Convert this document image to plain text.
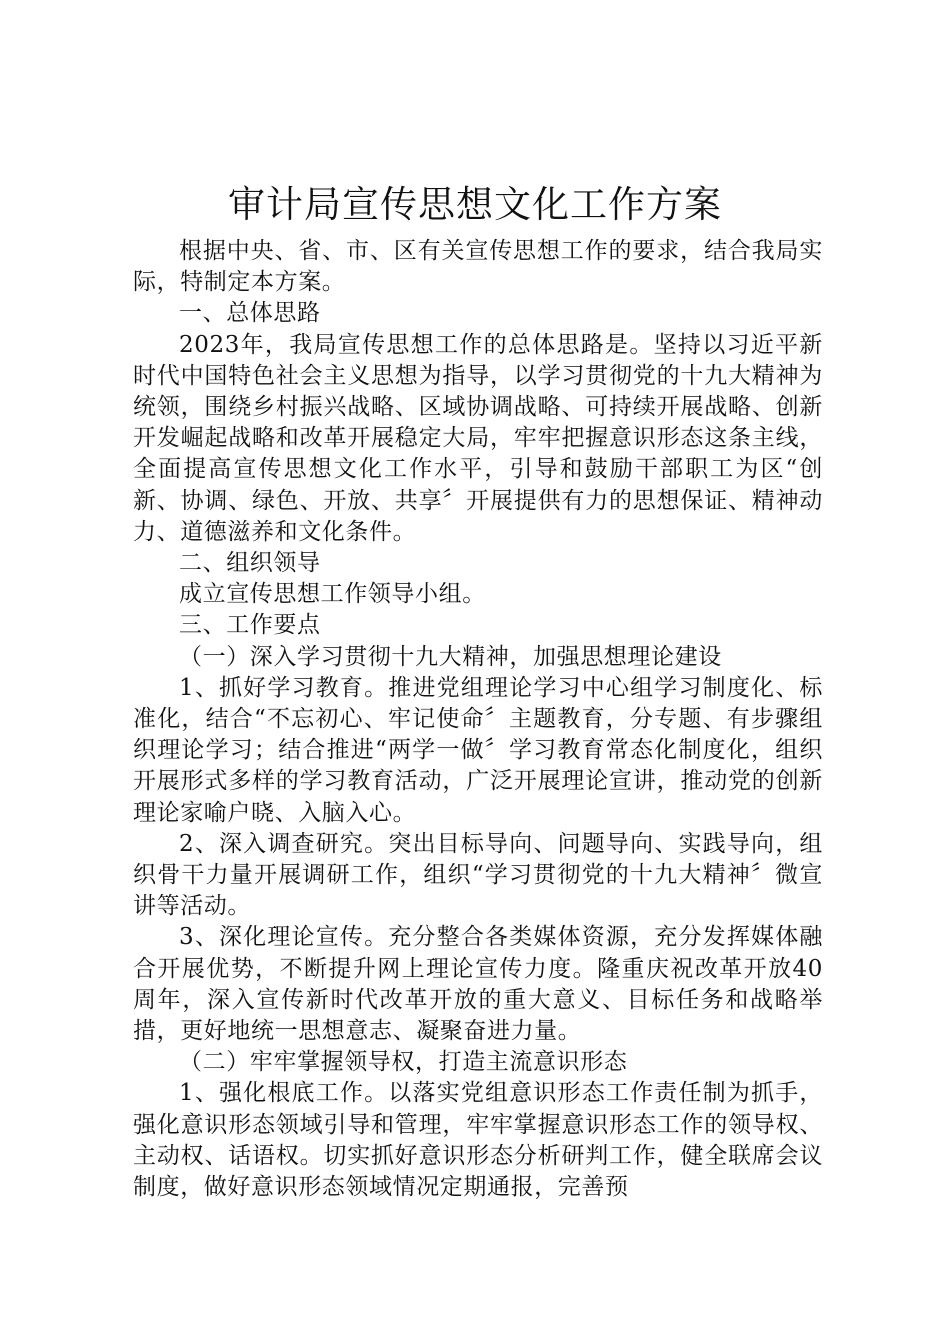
审计局宣传思想文化工作方案

根据中央、省、市、区有关宣传思想工作的要求，结合我局实际，特制定本方案。

一、总体思路

2023年，我局宣传思想工作的总体思路是。坚持以习近平新时代中国特色社会主义思想为指导，以学习贯彻党的十九大精神为统领，围绕乡村振兴战略、区域协调战略、可持续开展战略、创新开发崛起战略和改革开展稳定大局，牢牢把握意识形态这条主线，全面提高宣传思想文化工作水平，引导和鼓励干部职工为区“创新、协调、绿色、开放、共享〞开展提供有力的思想保证、精神动力、道德滋养和文化条件。

二、组织领导

成立宣传思想工作领导小组。

三、工作要点

（一）深入学习贯彻十九大精神，加强思想理论建设

1、抓好学习教育。推进党组理论学习中心组学习制度化、标准化，结合“不忘初心、牢记使命〞主题教育，分专题、有步骤组织理论学习；结合推进“两学一做〞学习教育常态化制度化，组织开展形式多样的学习教育活动，广泛开展理论宣讲，推动党的创新理论家喻户晓、入脑入心。

2、深入调查研究。突出目标导向、问题导向、实践导向，组织骨干力量开展调研工作，组织“学习贯彻党的十九大精神〞微宣讲等活动。

3、深化理论宣传。充分整合各类媒体资源，充分发挥媒体融合开展优势，不断提升网上理论宣传力度。隆重庆祝改革开放40周年，深入宣传新时代改革开放的重大意义、目标任务和战略举措，更好地统一思想意志、凝聚奋进力量。

（二）牢牢掌握领导权，打造主流意识形态

1、强化根底工作。以落实党组意识形态工作责任制为抓手，强化意识形态领域引导和管理，牢牢掌握意识形态工作的领导权、主动权、话语权。切实抓好意识形态分析研判工作，健全联席会议制度，做好意识形态领域情况定期通报，完善预
